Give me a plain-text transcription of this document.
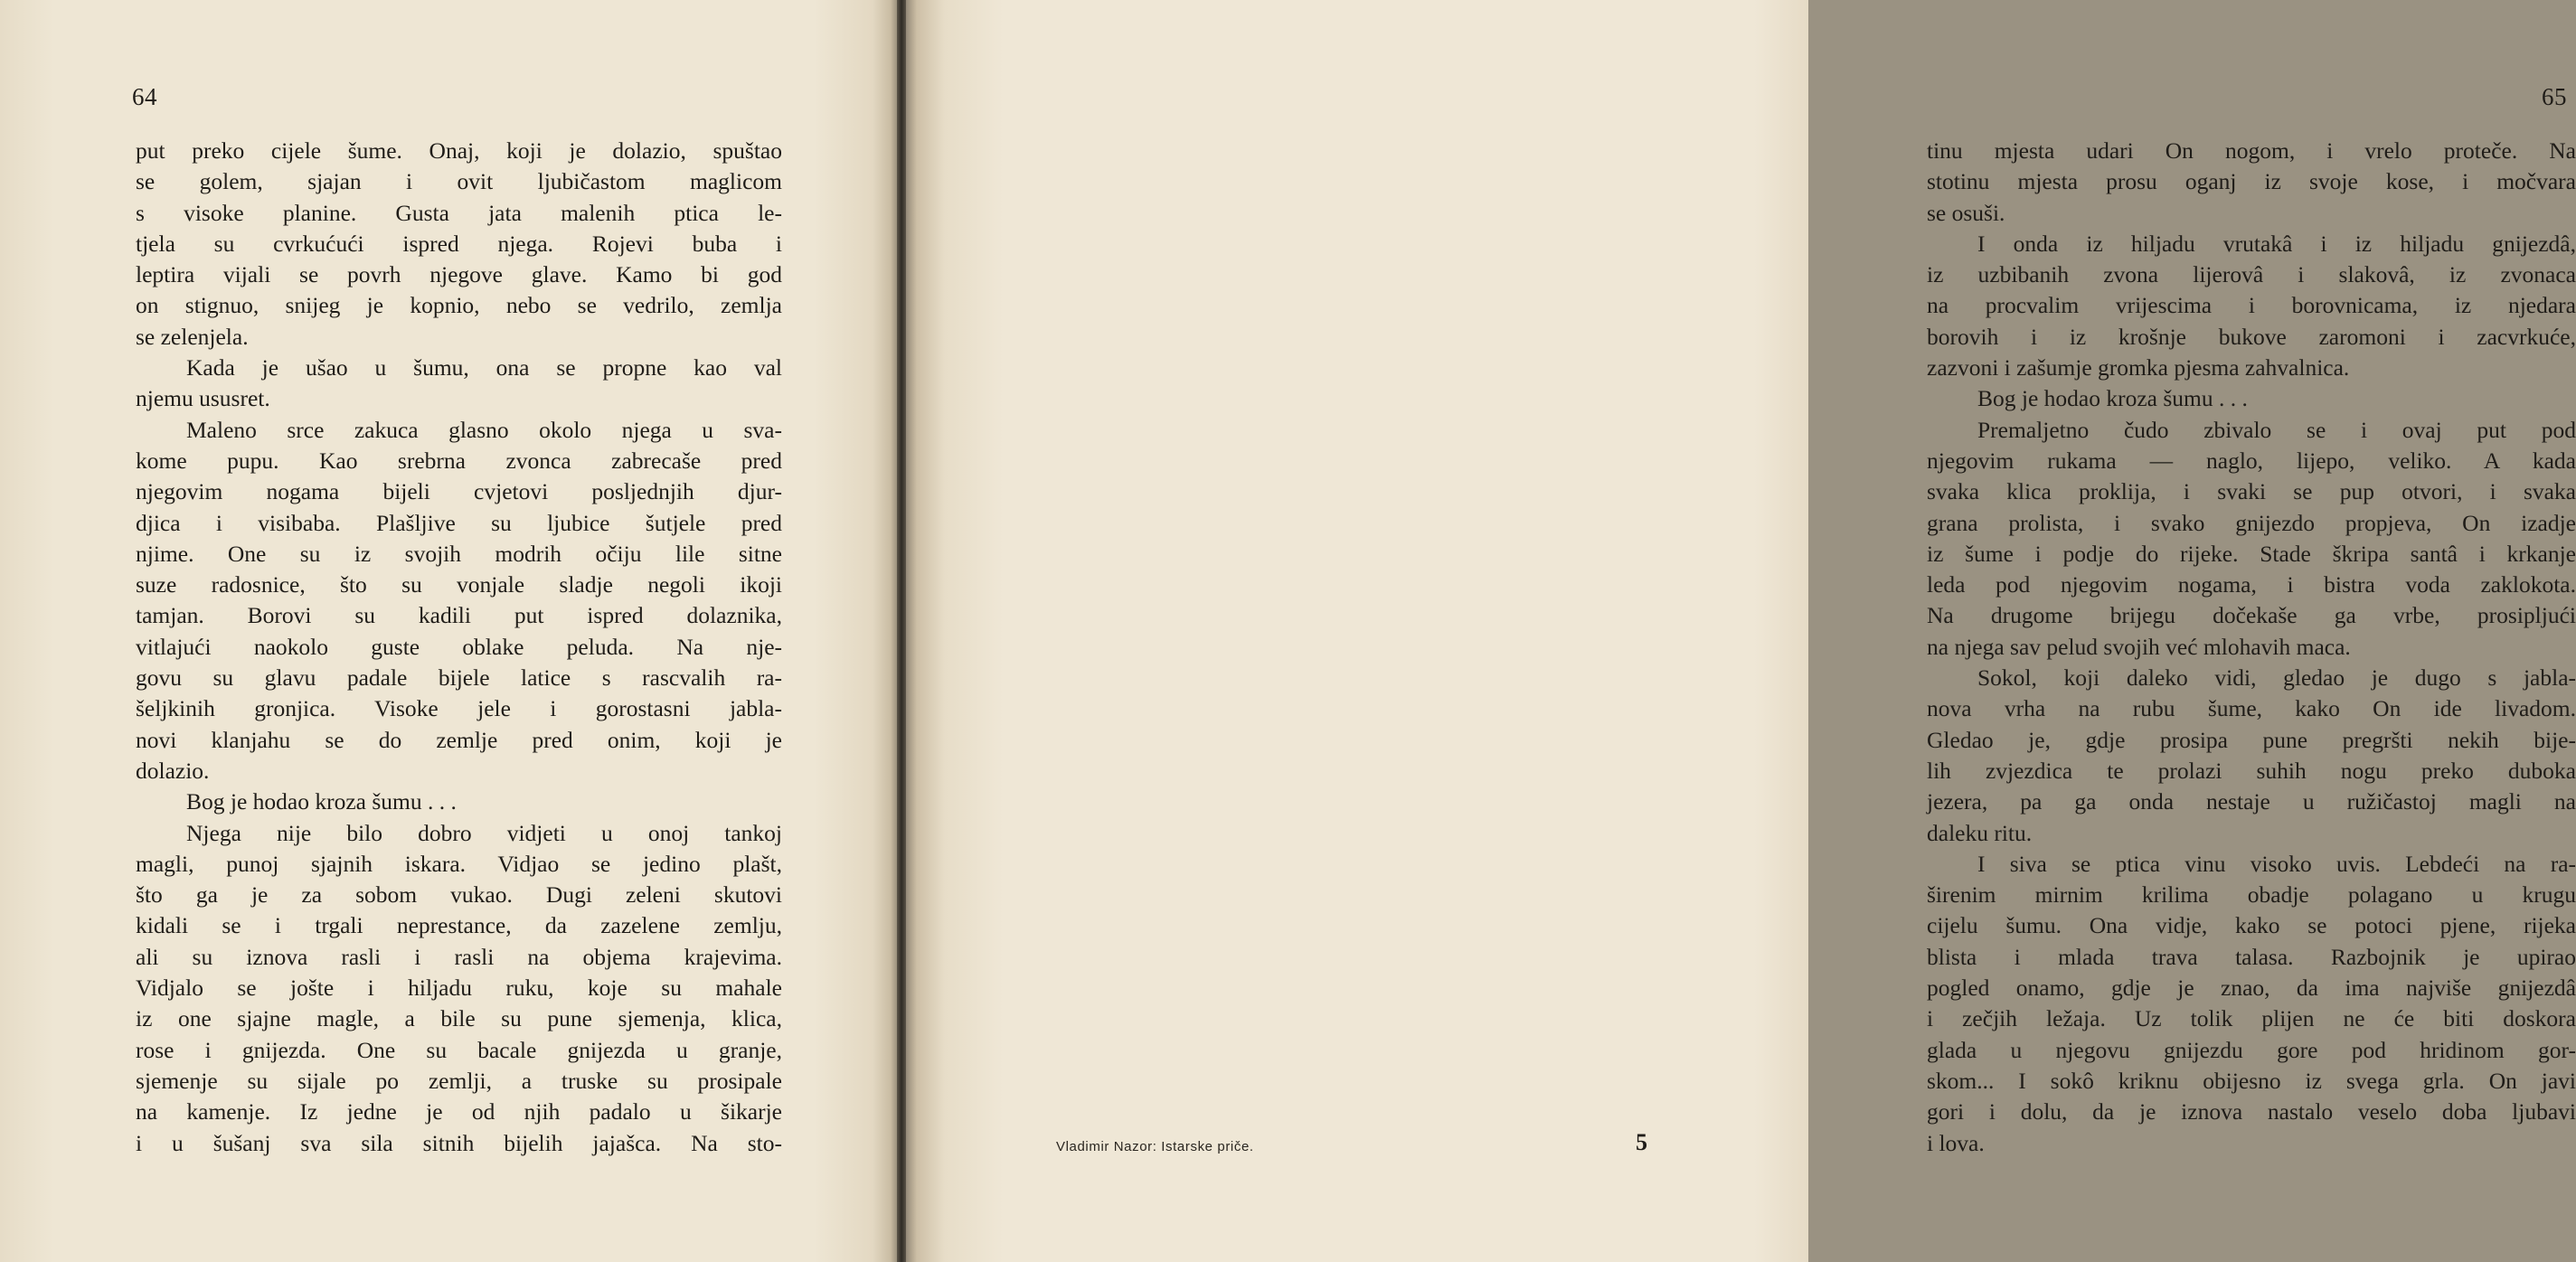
64
put preko cijele šume. Onaj, koji je dolazio, spuštao
se golem, sjajan i ovit ljubičastom maglicom
s visoke planine. Gusta jata malenih ptica le-
tjela su cvrkućući ispred njega. Rojevi buba i
leptira vijali se povrh njegove glave. Kamo bi god
on stignuo, snijeg je kopnio, nebo se vedrilo, zemlja
se zelenjela.
Kada je ušao u šumu, ona se propne kao val
njemu ususret.
Maleno srce zakuca glasno okolo njega u sva-
kome pupu. Kao srebrna zvonca zabrecaše pred
njegovim nogama bijeli cvjetovi posljednjih djur-
djica i visibaba. Plašljive su ljubice šutjele pred
njime. One su iz svojih modrih očiju lile sitne
suze radosnice, što su vonjale sladje negoli ikoji
tamjan. Borovi su kadili put ispred dolaznika,
vitlajući naokolo guste oblake peluda. Na nje-
govu su glavu padale bijele latice s rascvalih ra-
šeljkinih gronjica. Visoke jele i gorostasni jabla-
novi klanjahu se do zemlje pred onim, koji je
dolazio.
Bog je hodao kroza šumu . . .
Njega nije bilo dobro vidjeti u onoj tankoj
magli, punoj sjajnih iskara. Vidjao se jedino plašt,
što ga je za sobom vukao. Dugi zeleni skutovi
kidali se i trgali neprestance, da zazelene zemlju,
ali su iznova rasli i rasli na objema krajevima.
Vidjalo se jošte i hiljadu ruku, koje su mahale
iz one sjajne magle, a bile su pune sjemenja, klica,
rose i gnijezda. One su bacale gnijezda u granje,
sjemenje su sijale po zemlji, a truske su prosipale
na kamenje. Iz jedne je od njih padalo u šikarje
i u šušanj sva sila sitnih bijelih jajašca. Na sto-
65
tinu mjesta udari On nogom, i vrelo proteče. Na
stotinu mjesta prosu oganj iz svoje kose, i močvara
se osuši.
I onda iz hiljadu vrutakâ i iz hiljadu gnijezdâ,
iz uzbibanih zvona lijerovâ i slakovâ, iz zvonaca
na procvalim vrijescima i borovnicama, iz njedara
borovih i iz krošnje bukove zaromoni i zacvrkuće,
zazvoni i zašumje gromka pjesma zahvalnica.
Bog je hodao kroza šumu . . .
Premaljetno čudo zbivalo se i ovaj put pod
njegovim rukama — naglo, lijepo, veliko. A kada
svaka klica proklija, i svaki se pup otvori, i svaka
grana prolista, i svako gnijezdo propjeva, On izadje
iz šume i podje do rijeke. Stade škripa santâ i krkanje
leda pod njegovim nogama, i bistra voda zaklokota.
Na drugome brijegu dočekaše ga vrbe, prosipljući
na njega sav pelud svojih već mlohavih maca.
Sokol, koji daleko vidi, gledao je dugo s jabla-
nova vrha na rubu šume, kako On ide livadom.
Gledao je, gdje prosipa pune pregršti nekih bije-
lih zvjezdica te prolazi suhih nogu preko duboka
jezera, pa ga onda nestaje u ružičastoj magli na
daleku ritu.
I siva se ptica vinu visoko uvis. Lebdeći na ra-
širenim mirnim krilima obadje polagano u krugu
cijelu šumu. Ona vidje, kako se potoci pjene, rijeka
blista i mlada trava talasa. Razbojnik je upirao
pogled onamo, gdje je znao, da ima najviše gnijezdâ
i zečjih ležaja. Uz tolik plijen ne će biti doskora
glada u njegovu gnijezdu gore pod hridinom gor-
skom... I sokô kriknu obijesno iz svega grla. On javi
gori i dolu, da je iznova nastalo veselo doba ljubavi
i lova.
Vladimir Nazor: Istarske priče.	5
